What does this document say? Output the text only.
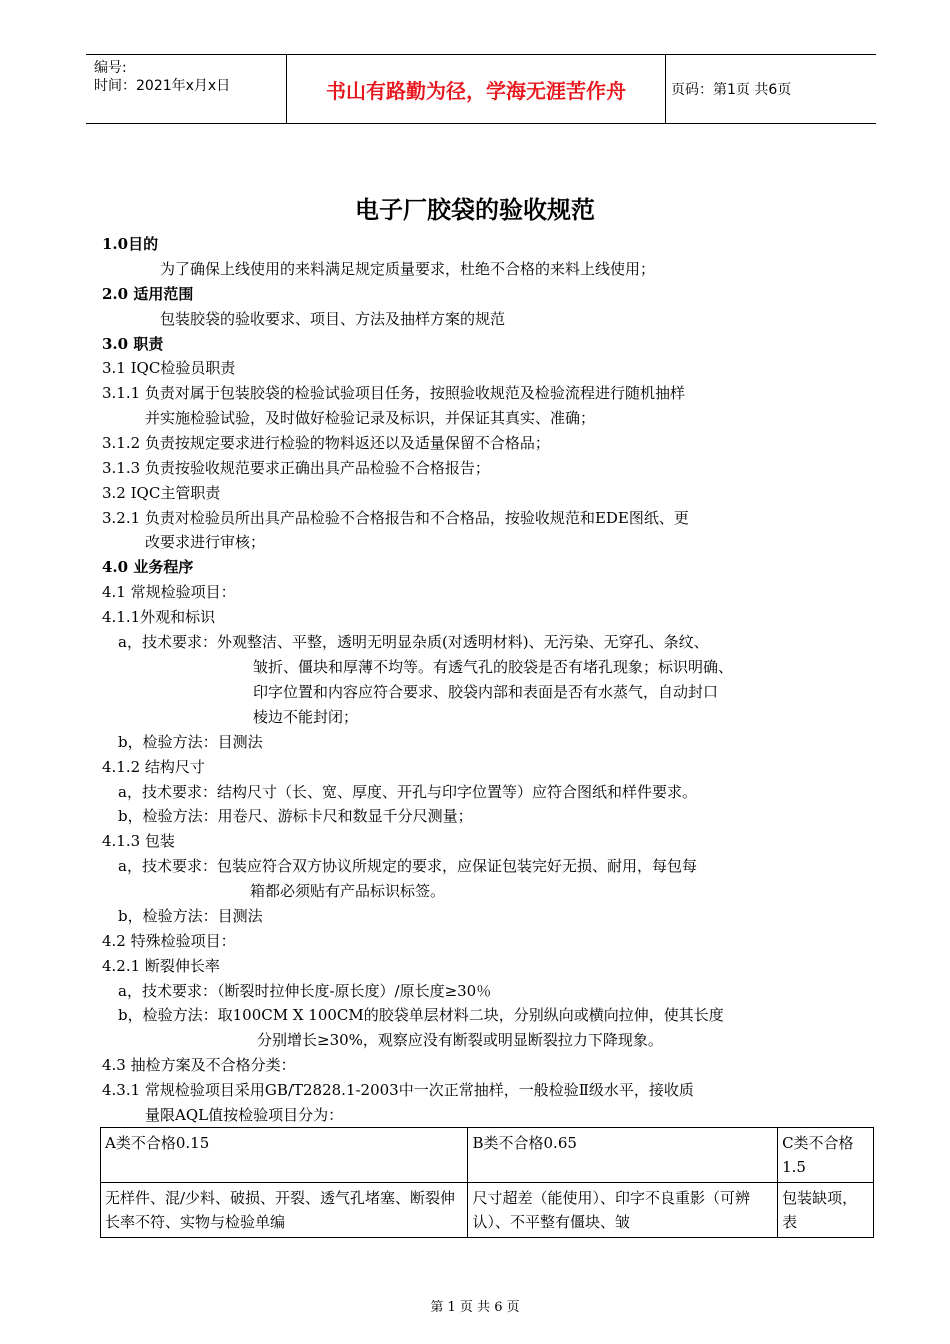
编号:
时间：2021年x月x日	书山有路勤为径，学海无涯苦作舟	页码：第1页 共6页
电子厂胶袋的验收规范
1.0目的
为了确保上线使用的来料满足规定质量要求，杜绝不合格的来料上线使用；
2.0 适用范围
包装胶袋的验收要求、项目、方法及抽样方案的规范
3.0 职责
3.1 IQC检验员职责
3.1.1 负责对属于包装胶袋的检验试验项目任务，按照验收规范及检验流程进行随机抽样
并实施检验试验，及时做好检验记录及标识，并保证其真实、准确；
3.1.2 负责按规定要求进行检验的物料返还以及适量保留不合格品；
3.1.3 负责按验收规范要求正确出具产品检验不合格报告；
3.2 IQC主管职责
3.2.1 负责对检验员所出具产品检验不合格报告和不合格品，按验收规范和EDE图纸、更
改要求进行审核；
4.0 业务程序
4.1 常规检验项目：
4.1.1外观和标识
a，技术要求：外观整洁、平整，透明无明显杂质(对透明材料)、无污染、无穿孔、条纹、
皱折、僵块和厚薄不均等。有透气孔的胶袋是否有堵孔现象；标识明确、
印字位置和内容应符合要求、胶袋内部和表面是否有水蒸气，自动封口
棱边不能封闭；
b，检验方法：目测法
4.1.2 结构尺寸
a，技术要求：结构尺寸（长、宽、厚度、开孔与印字位置等）应符合图纸和样件要求。
b，检验方法：用卷尺、游标卡尺和数显千分尺测量；
4.1.3 包装
a，技术要求：包装应符合双方协议所规定的要求，应保证包装完好无损、耐用，每包每
箱都必须贴有产品标识标签。
b，检验方法：目测法
4.2 特殊检验项目：
4.2.1 断裂伸长率
a，技术要求：（断裂时拉伸长度-原长度）/原长度≥30％
b，检验方法：取100CM X 100CM的胶袋单层材料二块，分别纵向或横向拉伸，使其长度
分别增长≥30%，观察应没有断裂或明显断裂拉力下降现象。
4.3 抽检方案及不合格分类：
4.3.1 常规检验项目采用GB/T2828.1-2003中一次正常抽样，一般检验Ⅱ级水平，接收质
量限AQL值按检验项目分为：
A类不合格0.15	B类不合格0.65	C类不合格1.5
无样件、混/少料、破损、开裂、透气孔堵塞、断裂伸长率不符、实物与检验单编	尺寸超差（能使用）、印字不良重影（可辨认）、不平整有僵块、皱	包装缺项，表
第 1 页 共 6 页
